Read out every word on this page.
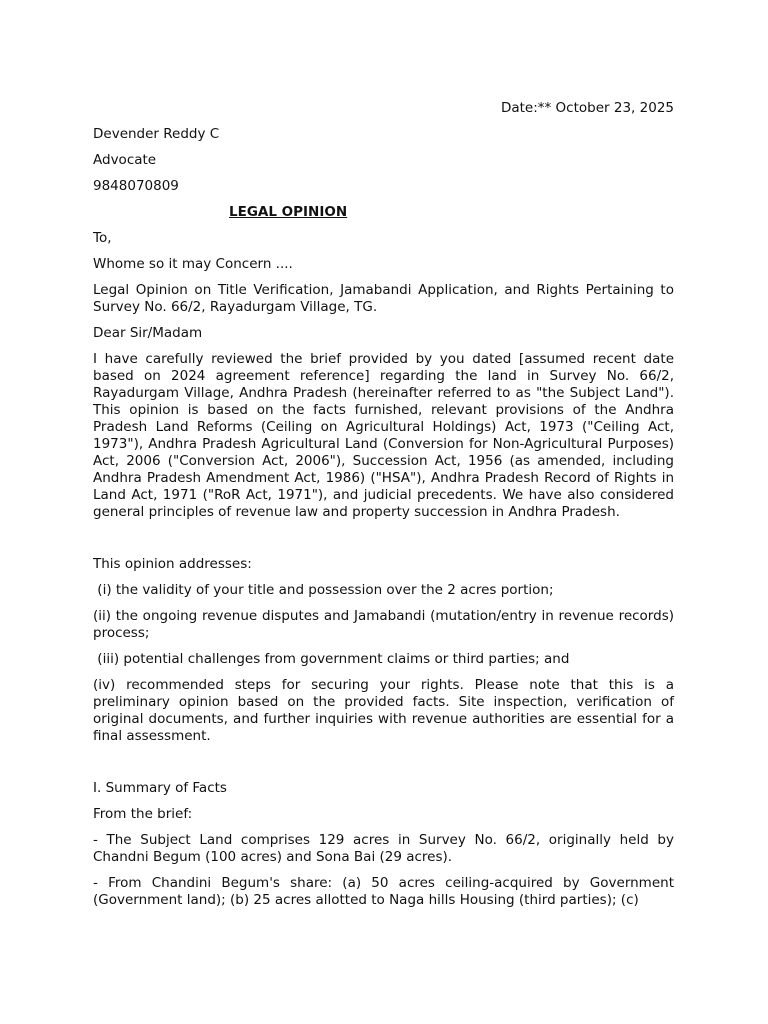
Date:** October 23, 2025

Devender Reddy C

Advocate

9848070809

LEGAL OPINION

To,

Whome so it may Concern ....

Legal Opinion on Title Verification, Jamabandi Application, and Rights Pertaining to Survey No. 66/2, Rayadurgam Village, TG.

Dear Sir/Madam

I have carefully reviewed the brief provided by you dated [assumed recent date based on 2024 agreement reference] regarding the land in Survey No. 66/2, Rayadurgam Village, Andhra Pradesh (hereinafter referred to as "the Subject Land"). This opinion is based on the facts furnished, relevant provisions of the Andhra Pradesh Land Reforms (Ceiling on Agricultural Holdings) Act, 1973 ("Ceiling Act, 1973"), Andhra Pradesh Agricultural Land (Conversion for Non-Agricultural Purposes) Act, 2006 ("Conversion Act, 2006"), Succession Act, 1956 (as amended, including Andhra Pradesh Amendment Act, 1986) ("HSA"), Andhra Pradesh Record of Rights in Land Act, 1971 ("RoR Act, 1971"), and judicial precedents. We have also considered general principles of revenue law and property succession in Andhra Pradesh.

This opinion addresses:

(i) the validity of your title and possession over the 2 acres portion;

(ii) the ongoing revenue disputes and Jamabandi (mutation/entry in revenue records) process;

(iii) potential challenges from government claims or third parties; and

(iv) recommended steps for securing your rights. Please note that this is a preliminary opinion based on the provided facts. Site inspection, verification of original documents, and further inquiries with revenue authorities are essential for a final assessment.

I. Summary of Facts

From the brief:

- The Subject Land comprises 129 acres in Survey No. 66/2, originally held by Chandni Begum (100 acres) and Sona Bai (29 acres).

- From Chandini Begum's share: (a) 50 acres ceiling-acquired by Government (Government land); (b) 25 acres allotted to Naga hills Housing (third parties); (c)
